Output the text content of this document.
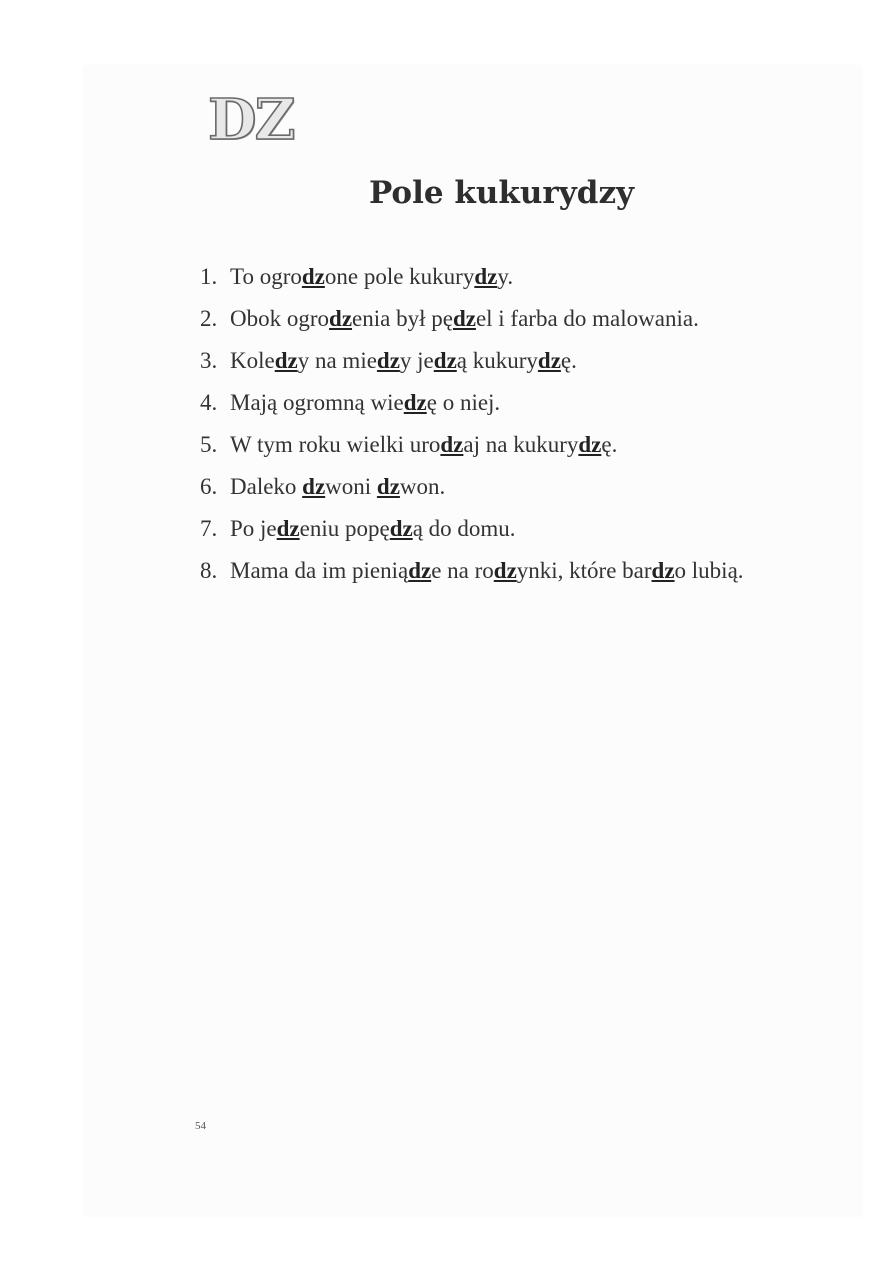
DZ
Pole kukurydzy
1. To ogrodzone pole kukurydzy.
2. Obok ogrodzenia był pędzel i farba do malowania.
3. Koledzy na miedzy jedzą kukurydzę.
4. Mają ogromną wiedzę o niej.
5. W tym roku wielki urodzaj na kukurydzę.
6. Daleko dzwoni dzwon.
7. Po jedzeniu popędzą do domu.
8. Mama da im pieniądze na rodzynki, które bardzo lubią.

54
